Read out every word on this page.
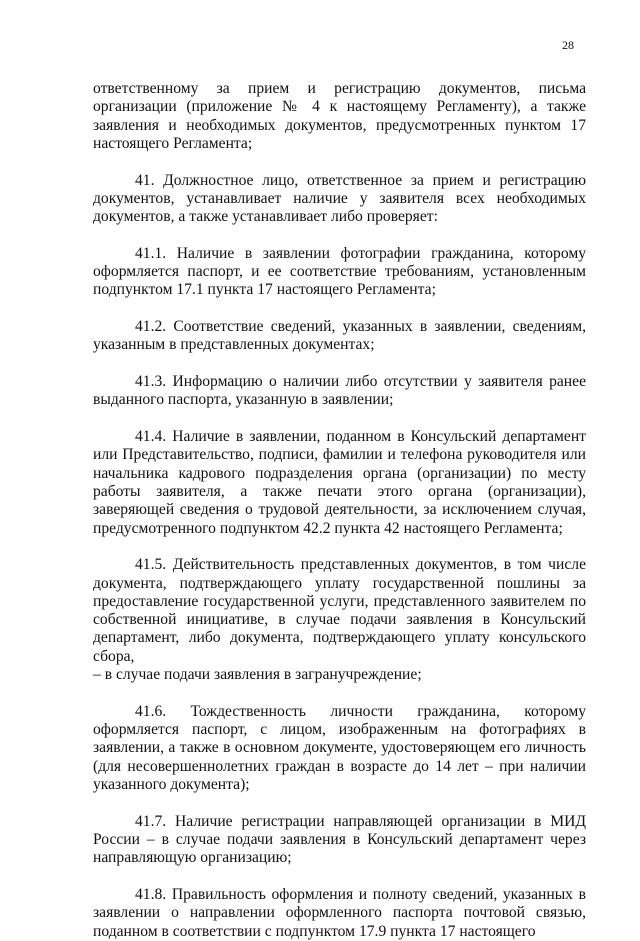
28

ответственному за прием и регистрацию документов, письма организации (приложение № 4 к настоящему Регламенту), а также заявления и необходимых документов, предусмотренных пунктом 17 настоящего Регламента;

41. Должностное лицо, ответственное за прием и регистрацию документов, устанавливает наличие у заявителя всех необходимых документов, а также устанавливает либо проверяет:

41.1. Наличие в заявлении фотографии гражданина, которому оформляется паспорт, и ее соответствие требованиям, установленным подпунктом 17.1 пункта 17 настоящего Регламента;

41.2. Соответствие сведений, указанных в заявлении, сведениям, указанным в представленных документах;

41.3. Информацию о наличии либо отсутствии у заявителя ранее выданного паспорта, указанную в заявлении;

41.4. Наличие в заявлении, поданном в Консульский департамент или Представительство, подписи, фамилии и телефона руководителя или начальника кадрового подразделения органа (организации) по месту работы заявителя, а также печати этого органа (организации), заверяющей сведения о трудовой деятельности, за исключением случая, предусмотренного подпунктом 42.2 пункта 42 настоящего Регламента;

41.5. Действительность представленных документов, в том числе документа, подтверждающего уплату государственной пошлины за предоставление государственной услуги, представленного заявителем по собственной инициативе, в случае подачи заявления в Консульский департамент, либо документа, подтверждающего уплату консульского сбора,

– в случае подачи заявления в загранучреждение;

41.6. Тождественность личности гражданина, которому оформляется паспорт, с лицом, изображенным на фотографиях в заявлении, а также в основном документе, удостоверяющем его личность (для несовершеннолетних граждан в возрасте до 14 лет – при наличии указанного документа);

41.7. Наличие регистрации направляющей организации в МИД России – в случае подачи заявления в Консульский департамент через направляющую организацию;

41.8. Правильность оформления и полноту сведений, указанных в заявлении о направлении оформленного паспорта почтовой связью, поданном в соответствии с подпунктом 17.9 пункта 17 настоящего
